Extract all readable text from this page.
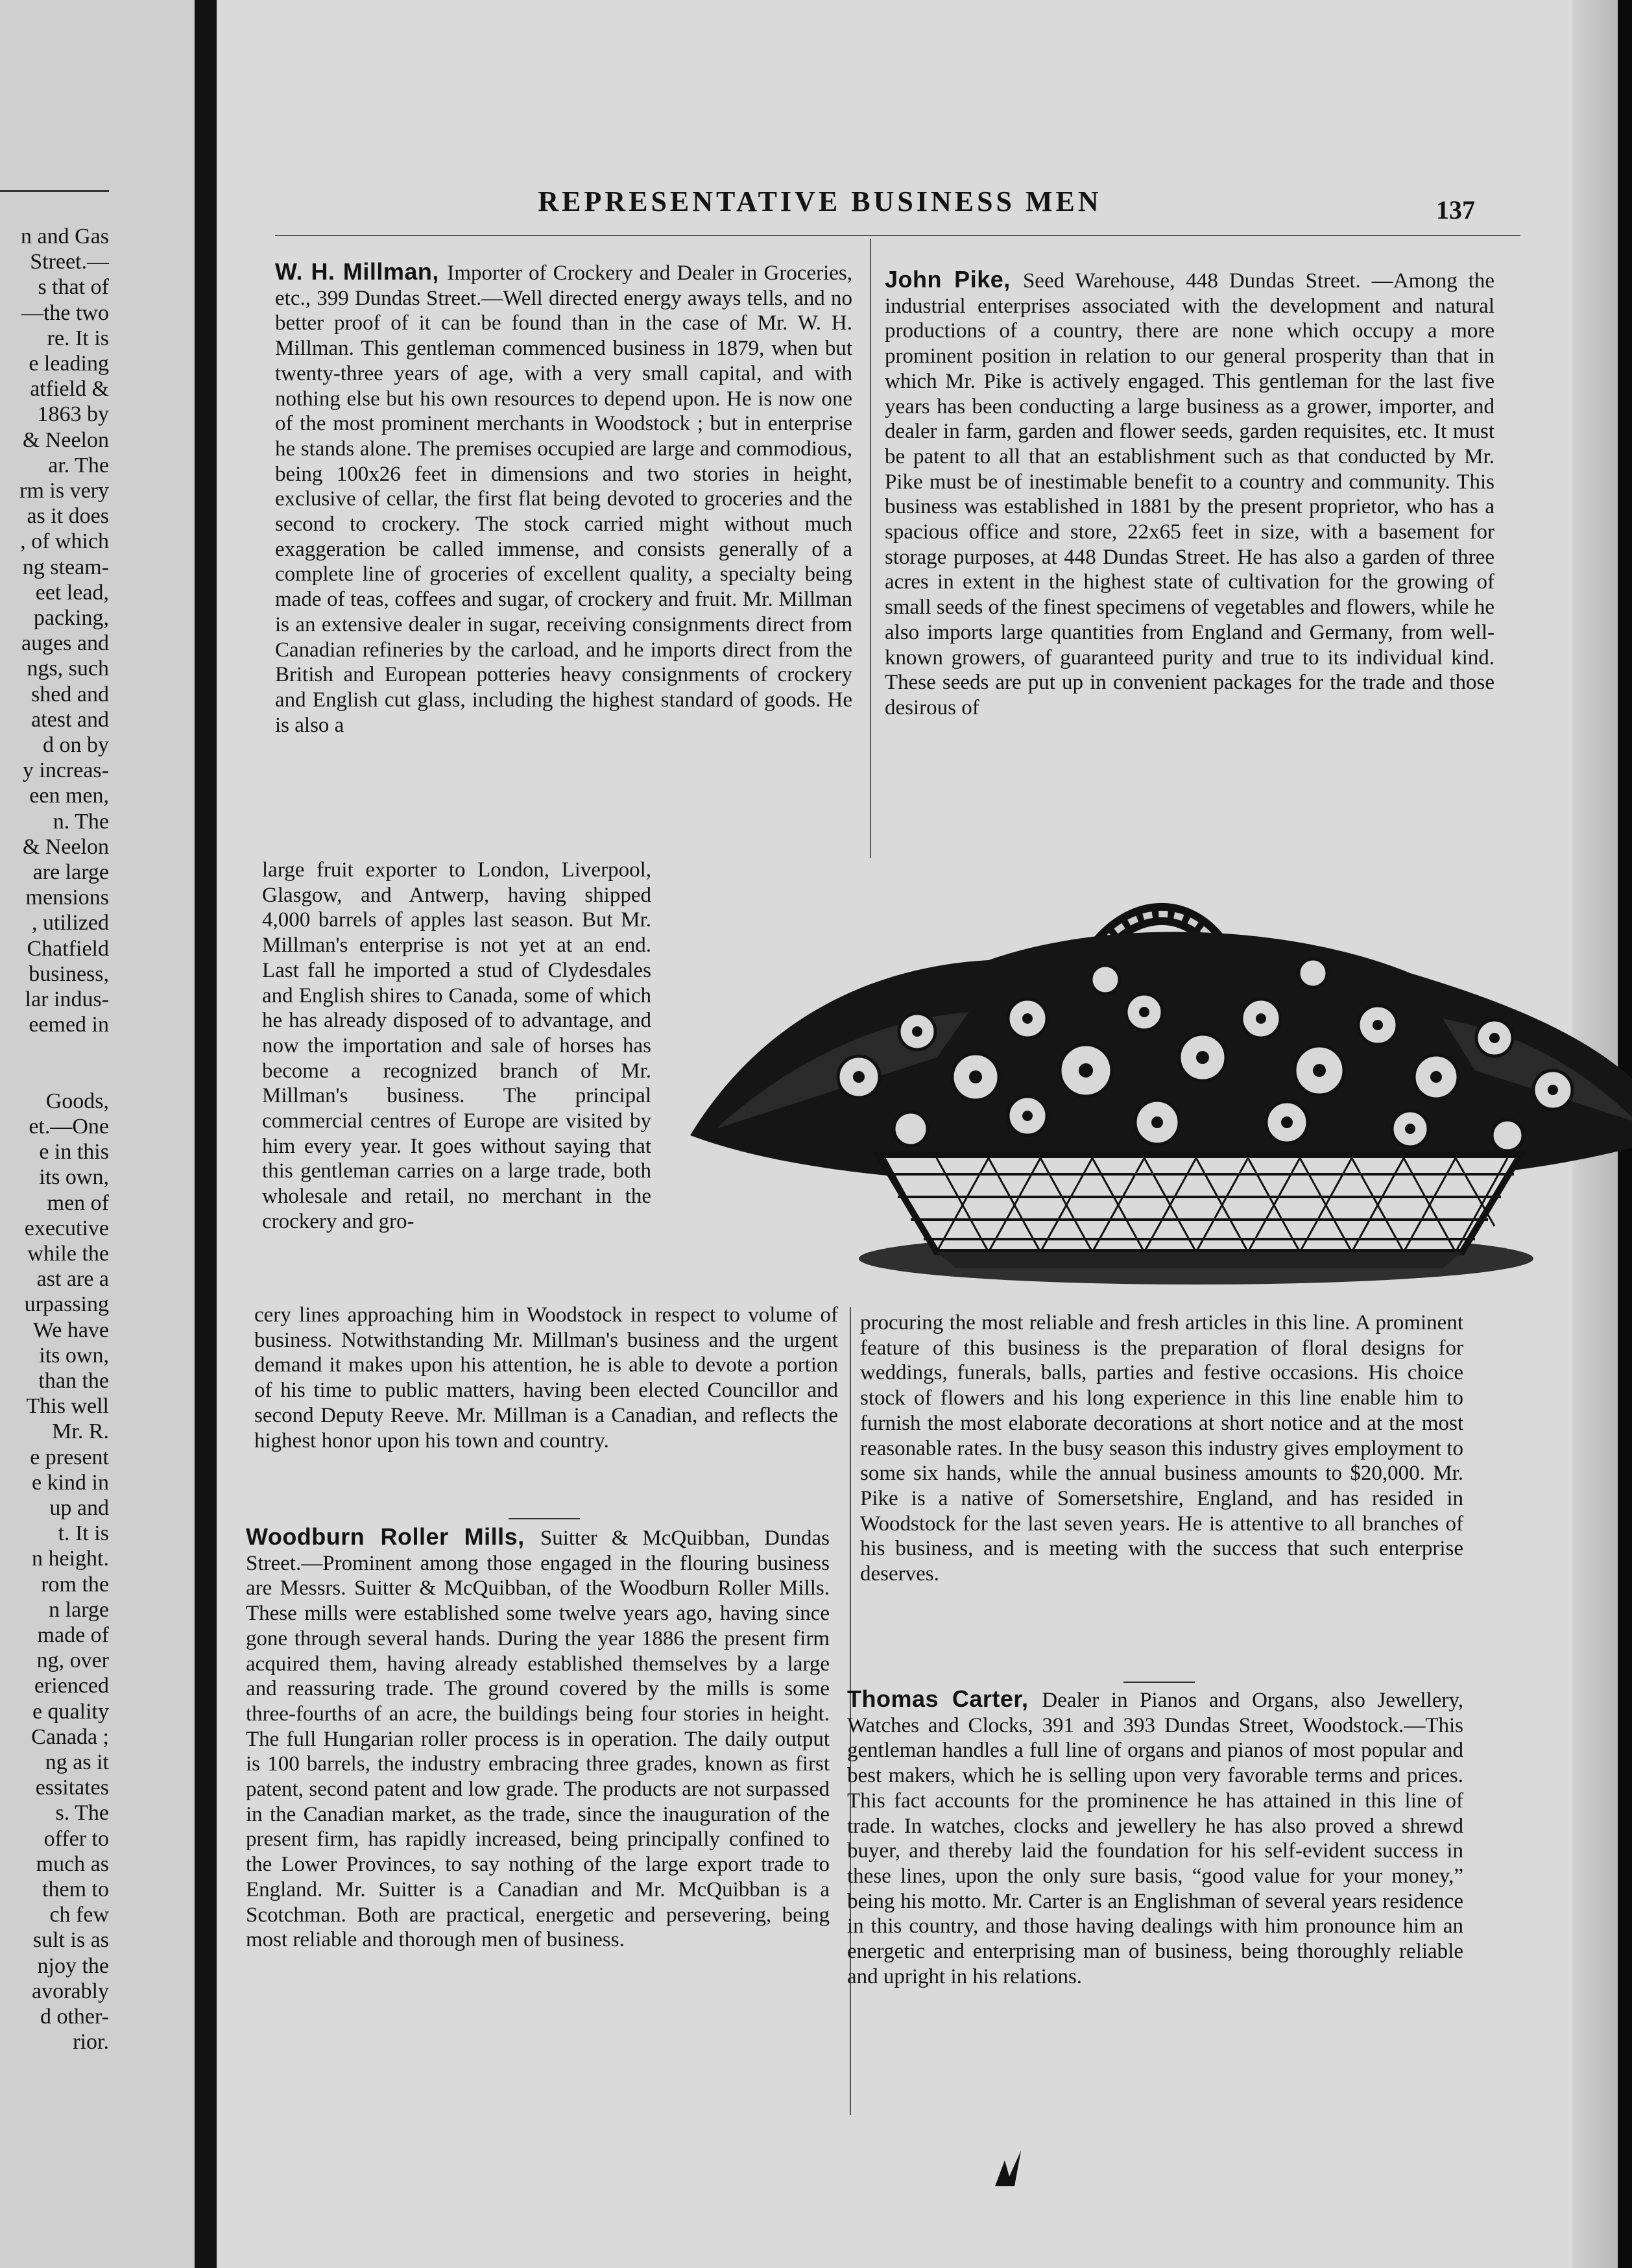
n and Gas
Street.—
s that of
—the two
re. It is
e leading
atfield &
1863 by
& Neelon
ar. The
rm is very
as it does
, of which
ng steam-
eet lead,
packing,
auges and
ngs, such
shed and
atest and
d on by
y increas-
een men,
n. The
& Neelon
are large
mensions
, utilized
Chatfield
business,
lar indus-
eemed in
Goods,
et.—One
e in this
its own,
men of
executive
while the
ast are a
urpassing
We have
its own,
than the
This well
Mr. R.
e present
e kind in
up and
t. It is
n height.
rom the
n large
made of
ng, over
erienced
e quality
Canada ;
ng as it
essitates
s. The
offer to
much as
them to
ch few
sult is as
njoy the
avorably
d other-
rior.
REPRESENTATIVE BUSINESS MEN	137
W. H. Millman, Importer of Crockery and Dealer in Groceries, etc., 399 Dundas Street.—Well directed energy aways tells, and no better proof of it can be found than in the case of Mr. W. H. Millman. This gentleman commenced business in 1879, when but twenty-three years of age, with a very small capital, and with nothing else but his own resources to depend upon. He is now one of the most prominent merchants in Woodstock ; but in enterprise he stands alone. The premises occupied are large and commodious, being 100x26 feet in dimensions and two stories in height, exclusive of cellar, the first flat being devoted to groceries and the second to crockery. The stock carried might without much exaggeration be called immense, and consists generally of a complete line of groceries of excellent quality, a specialty being made of teas, coffees and sugar, of crockery and fruit. Mr. Millman is an extensive dealer in sugar, receiving consignments direct from Canadian refineries by the carload, and he imports direct from the British and European potteries heavy consignments of crockery and English cut glass, including the highest standard of goods. He is also a
large fruit exporter to London, Liverpool, Glasgow, and Antwerp, having shipped 4,000 barrels of apples last season. But Mr. Millman's enterprise is not yet at an end. Last fall he imported a stud of Clydesdales and English shires to Canada, some of which he has already disposed of to advantage, and now the importation and sale of horses has become a recognized branch of Mr. Millman's business. The principal commercial centres of Europe are visited by him every year. It goes without saying that this gentleman carries on a large trade, both wholesale and retail, no merchant in the crockery and gro-
cery lines approaching him in Woodstock in respect to volume of business. Notwithstanding Mr. Millman's business and the urgent demand it makes upon his attention, he is able to devote a portion of his time to public matters, having been elected Councillor and second Deputy Reeve. Mr. Millman is a Canadian, and reflects the highest honor upon his town and country.
Woodburn Roller Mills, Suitter & McQuibban, Dundas Street.—Prominent among those engaged in the flouring business are Messrs. Suitter & McQuibban, of the Woodburn Roller Mills. These mills were established some twelve years ago, having since gone through several hands. During the year 1886 the present firm acquired them, having already established themselves by a large and reassuring trade. The ground covered by the mills is some three-fourths of an acre, the buildings being four stories in height. The full Hungarian roller process is in operation. The daily output is 100 barrels, the industry embracing three grades, known as first patent, second patent and low grade. The products are not surpassed in the Canadian market, as the trade, since the inauguration of the present firm, has rapidly increased, being principally confined to the Lower Provinces, to say nothing of the large export trade to England. Mr. Suitter is a Canadian and Mr. McQuibban is a Scotchman. Both are practical, energetic and persevering, being most reliable and thorough men of business.
John Pike, Seed Warehouse, 448 Dundas Street. —Among the industrial enterprises associated with the development and natural productions of a country, there are none which occupy a more prominent position in relation to our general prosperity than that in which Mr. Pike is actively engaged. This gentleman for the last five years has been conducting a large business as a grower, importer, and dealer in farm, garden and flower seeds, garden requisites, etc. It must be patent to all that an establishment such as that conducted by Mr. Pike must be of inestimable benefit to a country and community. This business was established in 1881 by the present proprietor, who has a spacious office and store, 22x65 feet in size, with a basement for storage purposes, at 448 Dundas Street. He has also a garden of three acres in extent in the highest state of cultivation for the growing of small seeds of the finest specimens of vegetables and flowers, while he also imports large quantities from England and Germany, from well-known growers, of guaranteed purity and true to its individual kind. These seeds are put up in convenient packages for the trade and those desirous of
procuring the most reliable and fresh articles in this line. A prominent feature of this business is the preparation of floral designs for weddings, funerals, balls, parties and festive occasions. His choice stock of flowers and his long experience in this line enable him to furnish the most elaborate decorations at short notice and at the most reasonable rates. In the busy season this industry gives employment to some six hands, while the annual business amounts to $20,000. Mr. Pike is a native of Somersetshire, England, and has resided in Woodstock for the last seven years. He is attentive to all branches of his business, and is meeting with the success that such enterprise deserves.
Thomas Carter, Dealer in Pianos and Organs, also Jewellery, Watches and Clocks, 391 and 393 Dundas Street, Woodstock.—This gentleman handles a full line of organs and pianos of most popular and best makers, which he is selling upon very favorable terms and prices. This fact accounts for the prominence he has attained in this line of trade. In watches, clocks and jewellery he has also proved a shrewd buyer, and thereby laid the foundation for his self-evident success in these lines, upon the only sure basis, “good value for your money,” being his motto. Mr. Carter is an Englishman of several years residence in this country, and those having dealings with him pronounce him an energetic and enterprising man of business, being thoroughly reliable and upright in his relations.
